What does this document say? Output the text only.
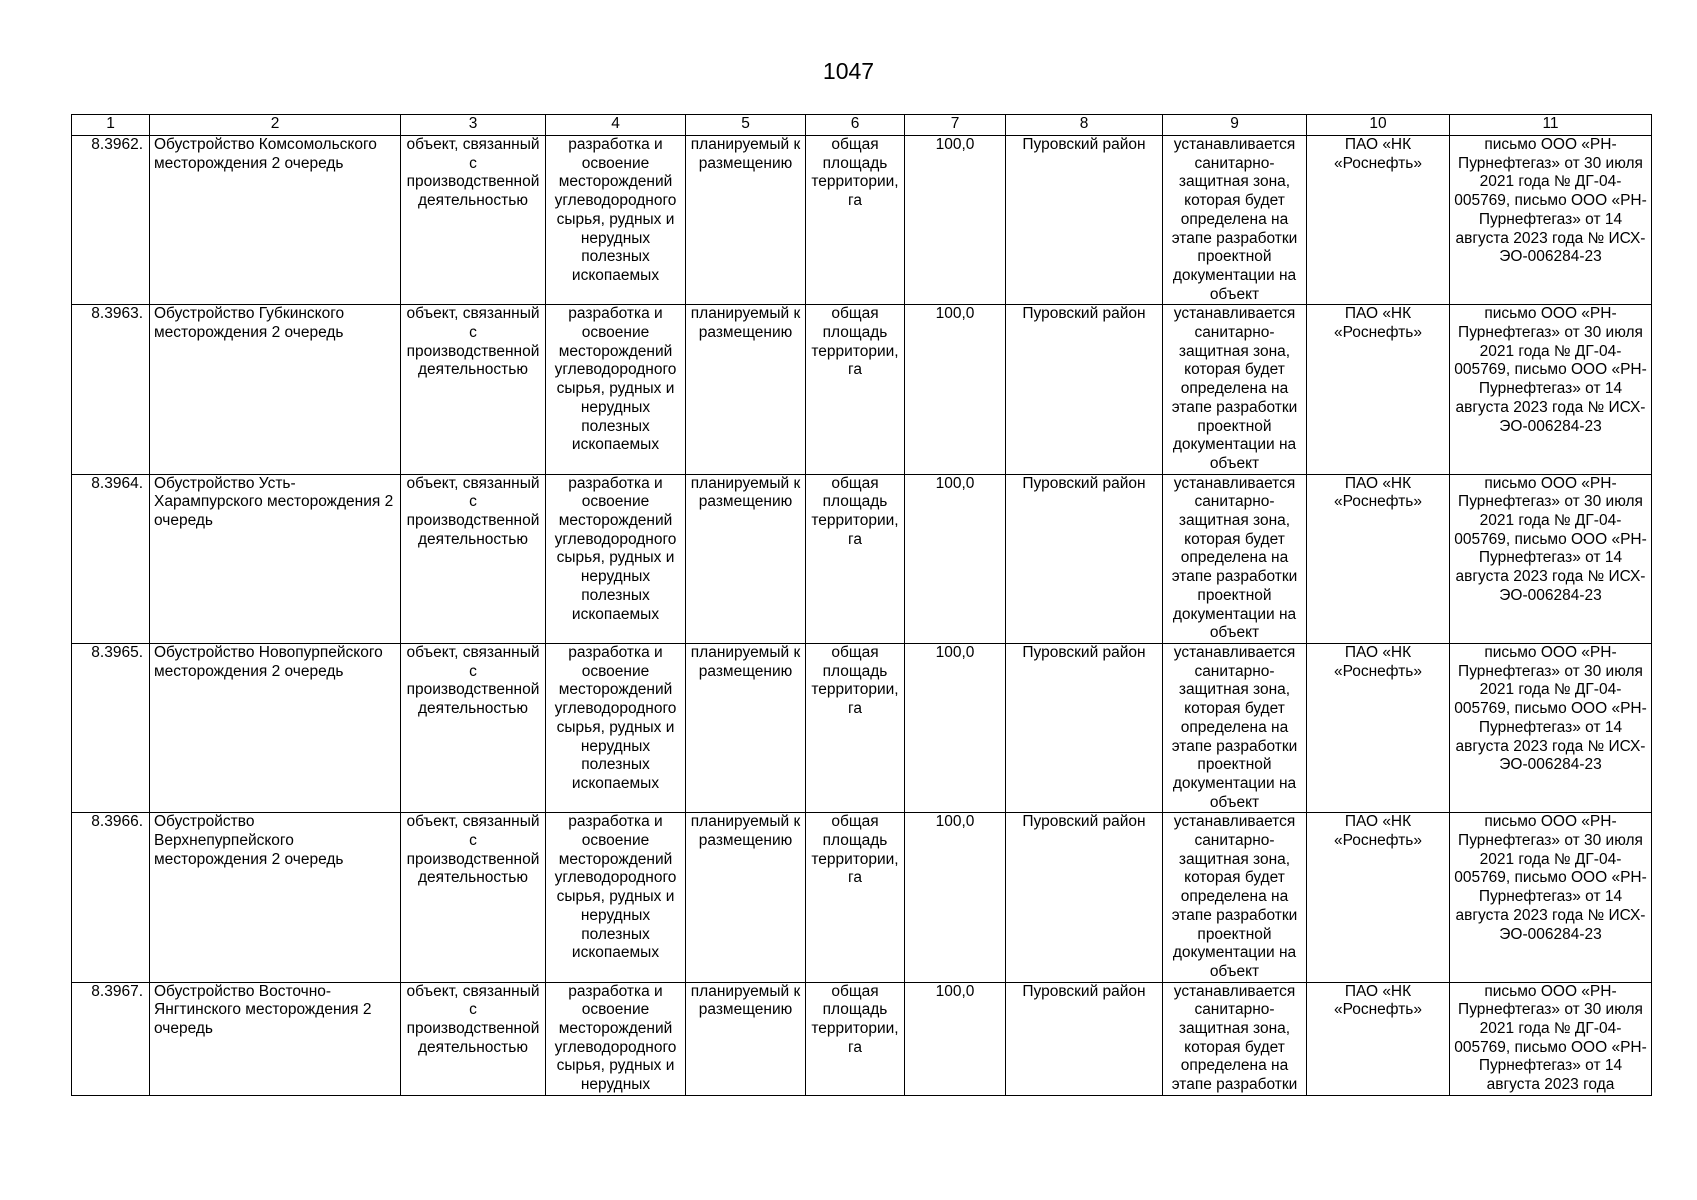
1047
1	2	3	4	5	6	7	8	9	10	11
8.3962.	Обустройство Комсомольского месторождения 2 очередь	объект, связанный с производственной деятельностью	разработка и освоение месторождений углеводородного сырья, рудных и нерудных полезных ископаемых	планируемый к размещению	общая площадь территории, га	100,0	Пуровский район	устанавливается санитарно-защитная зона, которая будет определена на этапе разработки проектной документации на объект	ПАО «НК «Роснефть»	письмо ООО «РН-Пурнефтегаз» от 30 июля 2021 года № ДГ-04-005769, письмо ООО «РН-Пурнефтегаз» от 14 августа 2023 года № ИСХ-ЭО-006284-23
8.3963.	Обустройство Губкинского месторождения 2 очередь	объект, связанный с производственной деятельностью	разработка и освоение месторождений углеводородного сырья, рудных и нерудных полезных ископаемых	планируемый к размещению	общая площадь территории, га	100,0	Пуровский район	устанавливается санитарно-защитная зона, которая будет определена на этапе разработки проектной документации на объект	ПАО «НК «Роснефть»	письмо ООО «РН-Пурнефтегаз» от 30 июля 2021 года № ДГ-04-005769, письмо ООО «РН-Пурнефтегаз» от 14 августа 2023 года № ИСХ-ЭО-006284-23
8.3964.	Обустройство Усть-Харампурского месторождения 2 очередь	объект, связанный с производственной деятельностью	разработка и освоение месторождений углеводородного сырья, рудных и нерудных полезных ископаемых	планируемый к размещению	общая площадь территории, га	100,0	Пуровский район	устанавливается санитарно-защитная зона, которая будет определена на этапе разработки проектной документации на объект	ПАО «НК «Роснефть»	письмо ООО «РН-Пурнефтегаз» от 30 июля 2021 года № ДГ-04-005769, письмо ООО «РН-Пурнефтегаз» от 14 августа 2023 года № ИСХ-ЭО-006284-23
8.3965.	Обустройство Новопурпейского месторождения 2 очередь	объект, связанный с производственной деятельностью	разработка и освоение месторождений углеводородного сырья, рудных и нерудных полезных ископаемых	планируемый к размещению	общая площадь территории, га	100,0	Пуровский район	устанавливается санитарно-защитная зона, которая будет определена на этапе разработки проектной документации на объект	ПАО «НК «Роснефть»	письмо ООО «РН-Пурнефтегаз» от 30 июля 2021 года № ДГ-04-005769, письмо ООО «РН-Пурнефтегаз» от 14 августа 2023 года № ИСХ-ЭО-006284-23
8.3966.	Обустройство Верхнепурпейского месторождения 2 очередь	объект, связанный с производственной деятельностью	разработка и освоение месторождений углеводородного сырья, рудных и нерудных полезных ископаемых	планируемый к размещению	общая площадь территории, га	100,0	Пуровский район	устанавливается санитарно-защитная зона, которая будет определена на этапе разработки проектной документации на объект	ПАО «НК «Роснефть»	письмо ООО «РН-Пурнефтегаз» от 30 июля 2021 года № ДГ-04-005769, письмо ООО «РН-Пурнефтегаз» от 14 августа 2023 года № ИСХ-ЭО-006284-23
8.3967.	Обустройство Восточно-Янгтинского месторождения 2 очередь	объект, связанный с производственной деятельностью	разработка и освоение месторождений углеводородного сырья, рудных и нерудных	планируемый к размещению	общая площадь территории, га	100,0	Пуровский район	устанавливается санитарно-защитная зона, которая будет определена на этапе разработки	ПАО «НК «Роснефть»	письмо ООО «РН-Пурнефтегаз» от 30 июля 2021 года № ДГ-04-005769, письмо ООО «РН-Пурнефтегаз» от 14 августа 2023 года
